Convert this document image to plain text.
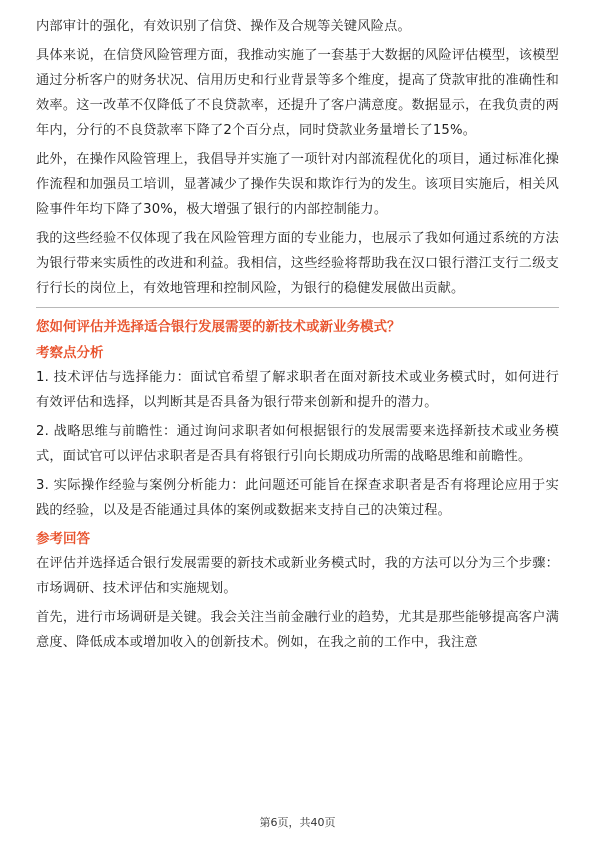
内部审计的强化，有效识别了信贷、操作及合规等关键风险点。

具体来说，在信贷风险管理方面，我推动实施了一套基于大数据的风险评估模型，该模型通过分析客户的财务状况、信用历史和行业背景等多个维度，提高了贷款审批的准确性和效率。这一改革不仅降低了不良贷款率，还提升了客户满意度。数据显示，在我负责的两年内，分行的不良贷款率下降了2个百分点，同时贷款业务量增长了15%。

此外，在操作风险管理上，我倡导并实施了一项针对内部流程优化的项目，通过标准化操作流程和加强员工培训，显著减少了操作失误和欺诈行为的发生。该项目实施后，相关风险事件年均下降了30%，极大增强了银行的内部控制能力。

我的这些经验不仅体现了我在风险管理方面的专业能力，也展示了我如何通过系统的方法为银行带来实质性的改进和利益。我相信，这些经验将帮助我在汉口银行潜江支行二级支行行长的岗位上，有效地管理和控制风险，为银行的稳健发展做出贡献。

您如何评估并选择适合银行发展需要的新技术或新业务模式？

考察点分析

1. 技术评估与选择能力：面试官希望了解求职者在面对新技术或业务模式时，如何进行有效评估和选择，以判断其是否具备为银行带来创新和提升的潜力。

2. 战略思维与前瞻性：通过询问求职者如何根据银行的发展需要来选择新技术或业务模式，面试官可以评估求职者是否具有将银行引向长期成功所需的战略思维和前瞻性。

3. 实际操作经验与案例分析能力：此问题还可能旨在探查求职者是否有将理论应用于实践的经验，以及是否能通过具体的案例或数据来支持自己的决策过程。

参考回答

在评估并选择适合银行发展需要的新技术或新业务模式时，我的方法可以分为三个步骤：市场调研、技术评估和实施规划。

首先，进行市场调研是关键。我会关注当前金融行业的趋势，尤其是那些能够提高客户满意度、降低成本或增加收入的创新技术。例如，在我之前的工作中，我注意

第6页，共40页
